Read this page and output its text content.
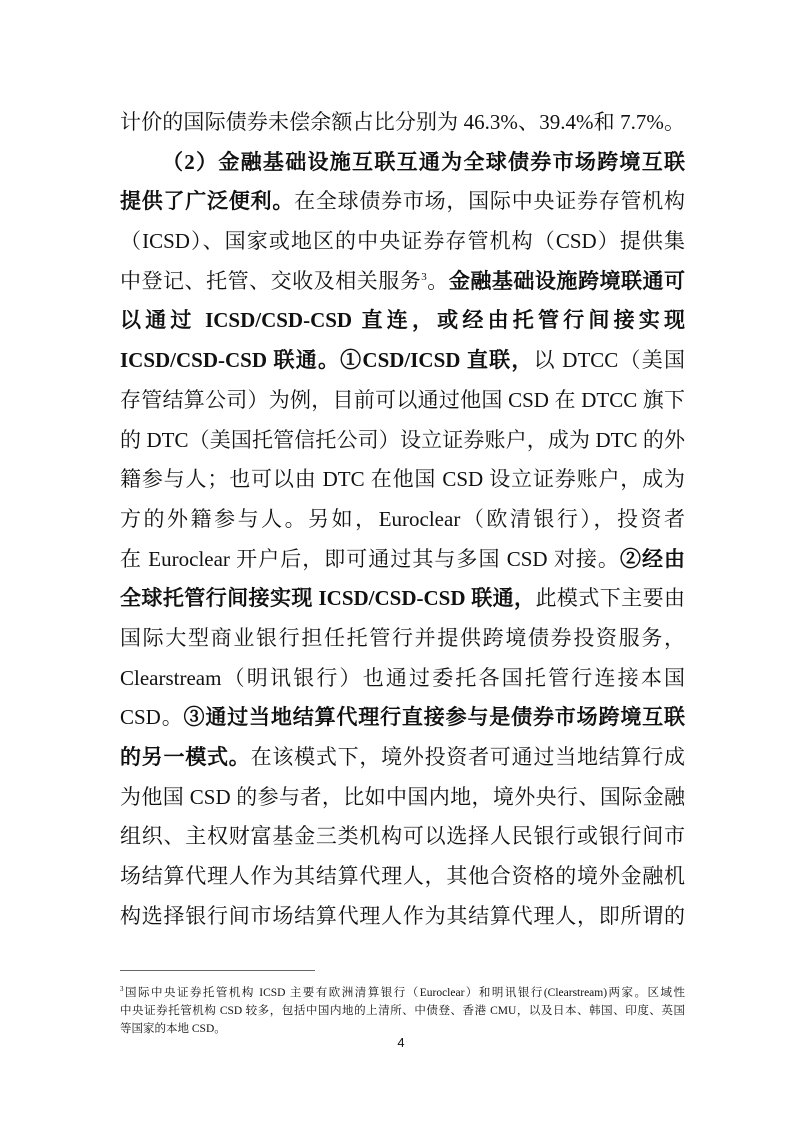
计价的国际债券未偿余额占比分别为 46.3%、39.4%和 7.7%。
（2）金融基础设施互联互通为全球债券市场跨境互联
提供了广泛便利。在全球债券市场，国际中央证券存管机构
（ICSD）、国家或地区的中央证券存管机构（CSD）提供集
中登记、托管、交收及相关服务$^3$。金融基础设施跨境联通可
以通过 ICSD/CSD-CSD 直连，或经由托管行间接实现
ICSD/CSD-CSD 联通。①CSD/ICSD 直联，以 DTCC（美国
存管结算公司）为例，目前可以通过他国 CSD 在 DTCC 旗下
的 DTC（美国托管信托公司）设立证券账户，成为 DTC 的外
籍参与人；也可以由 DTC 在他国 CSD 设立证券账户，成为
方的外籍参与人。另如，Euroclear（欧清银行），投资者
在 Euroclear 开户后，即可通过其与多国 CSD 对接。②经由
全球托管行间接实现 ICSD/CSD-CSD 联通，此模式下主要由
国际大型商业银行担任托管行并提供跨境债券投资服务，
Clearstream（明讯银行）也通过委托各国托管行连接本国
CSD。③通过当地结算代理行直接参与是债券市场跨境互联
的另一模式。在该模式下，境外投资者可通过当地结算行成
为他国 CSD 的参与者，比如中国内地，境外央行、国际金融
组织、主权财富基金三类机构可以选择人民银行或银行间市
场结算代理人作为其结算代理人，其他合资格的境外金融机
构选择银行间市场结算代理人作为其结算代理人，即所谓的
$^3$国际中央证券托管机构 ICSD 主要有欧洲清算银行（Euroclear）和明讯银行(Clearstream)两家。区域性
中央证券托管机构 CSD 较多，包括中国内地的上清所、中债登、香港 CMU，以及日本、韩国、印度、英国
等国家的本地 CSD。
4
